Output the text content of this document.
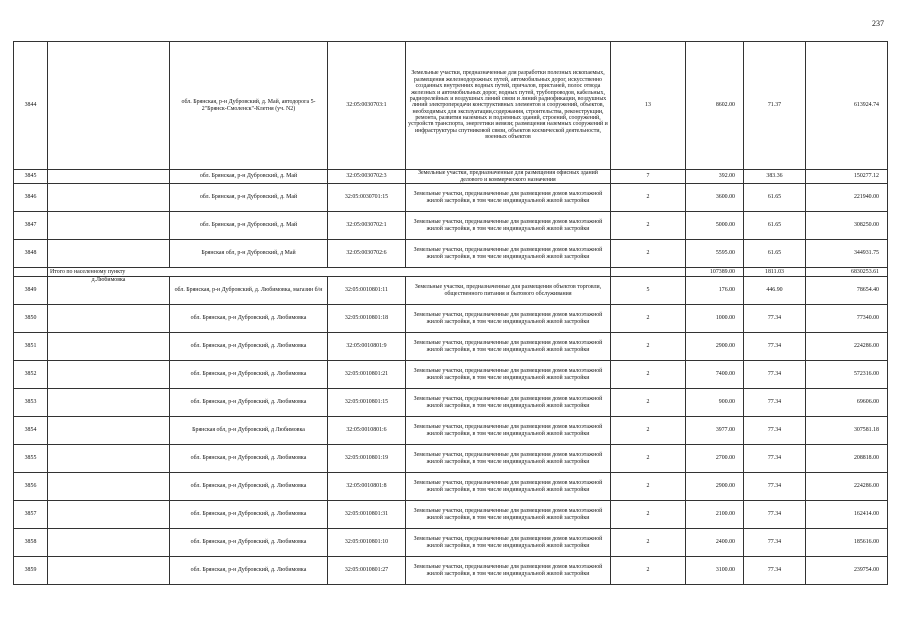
237
3844		обл. Брянская, р-н Дубровский, д. Май, автодорога 5-2"Брянск-Смоленск"-Клетня (уч. N2)	32:05:0030703:1	Земельные участки, предназначенные для разработки полезных ископаемых, размещения железнодорожных путей, автомобильных дорог, искусственно созданных внутренних водных путей, причалов, пристаней, полос отвода железных и автомобильных дорог, водных путей, трубопроводов, кабельных, радиорелейных и воздушных линий связи и линий радиофикации, воздушных линий электропередачи конструктивных элементов и сооружений, объектов, необходимых для эксплуатации,содержания, строительства, реконструкции, ремонта, развития наземных и подземных зданий, строений, сооружений, устройств транспорта, энергетики иевязи; размещения наземных сооружений и инфраструктуры спутниковой связи, объектов космической деятельности, военных объектов	13	8602.00	71.37	613924.74
3845		обл. Брянская, р-н Дубровский, д. Май	32:05:0030702:3	Земельные участки, предназначенные для размещения офисных зданий делового и коммерческого назначения	7	392.00	383.36	150277.12
3846		обл. Брянская, р-н Дубровский, д. Май	32:05:0030701:15	Земельные участки, предназначенные для размещения домов малоэтажной жилой застройки, в том числе индивидуальной жилой застройки	2	3600.00	61.65	221940.00
3847		обл. Брянская, р-н Дубровский, д. Май	32:05:0030702:1	Земельные участки, предназначенные для размещения домов малоэтажной жилой застройки, в том числе индивидуальной жилой застройки	2	5000.00	61.65	308250.00
3848		Брянская обл, р-н Дубровский, д Май	32:05:0030702:6	Земельные участки, предназначенные для размещения домов малоэтажной жилой застройки, в том числе индивидуальной жилой застройки	2	5595.00	61.65	344931.75
	Итого по населенному пункту					107389.00	1811.03	6830253.61
3849	д.Любимовка	обл. Брянская, р-н Дубровский, д. Любимовка, магазин б/н	32:05:0010801:11	Земельные участки, предназначенные для размещения объектов торговли, общественного питания и бытового обслуживания	5	176.00	446.90	78654.40
3850		обл. Брянская, р-н Дубровский, д. Любимовка	32:05:0010801:18	Земельные участки, предназначенные для размещения домов малоэтажной жилой застройки, в том числе индивидуальной жилой застройки	2	1000.00	77.34	77340.00
3851		обл. Брянская, р-н Дубровский, д. Любимовка	32:05:0010801:9	Земельные участки, предназначенные для размещения домов малоэтажной жилой застройки, в том числе индивидуальной жилой застройки	2	2900.00	77.34	224286.00
3852		обл. Брянская, р-н Дубровский, д. Любимовка	32:05:0010801:21	Земельные участки, предназначенные для размещения домов малоэтажной жилой застройки, в том числе индивидуальной жилой застройки	2	7400.00	77.34	572316.00
3853		обл. Брянская, р-н Дубровский, д. Любимовка	32:05:0010801:15	Земельные участки, предназначенные для размещения домов малоэтажной жилой застройки, в том числе индивидуальной жилой застройки	2	900.00	77.34	69606.00
3854		Брянская обл, р-н Дубровский, д Любимовка	32:05:0010801:6	Земельные участки, предназначенные для размещения домов малоэтажной жилой застройки, в том числе индивидуальной жилой застройки	2	3977.00	77.34	307581.18
3855		обл. Брянская, р-н Дубровский, д. Любимовка	32:05:0010801:19	Земельные участки, предназначенные для размещения домов малоэтажной жилой застройки, в том числе индивидуальной жилой застройки	2	2700.00	77.34	208818.00
3856		обл. Брянская, р-н Дубровский, д. Любимовка	32:05:0010801:8	Земельные участки, предназначенные для размещения домов малоэтажной жилой застройки, в том числе индивидуальной жилой застройки	2	2900.00	77.34	224286.00
3857		обл. Брянская, р-н Дубровский, д. Любимовка	32:05:0010801:31	Земельные участки, предназначенные для размещения домов малоэтажной жилой застройки, в том числе индивидуальной жилой застройки	2	2100.00	77.34	162414.00
3858		обл. Брянская, р-н Дубровский, д. Любимовка	32:05:0010801:10	Земельные участки, предназначенные для размещения домов малоэтажной жилой застройки, в том числе индивидуальной жилой застройки	2	2400.00	77.34	185616.00
3859		обл. Брянская, р-н Дубровский, д. Любимовка	32:05:0010801:27	Земельные участки, предназначенные для размещения домов малоэтажной жилой застройки, в том числе индивидуальной жилой застройки	2	3100.00	77.34	239754.00
